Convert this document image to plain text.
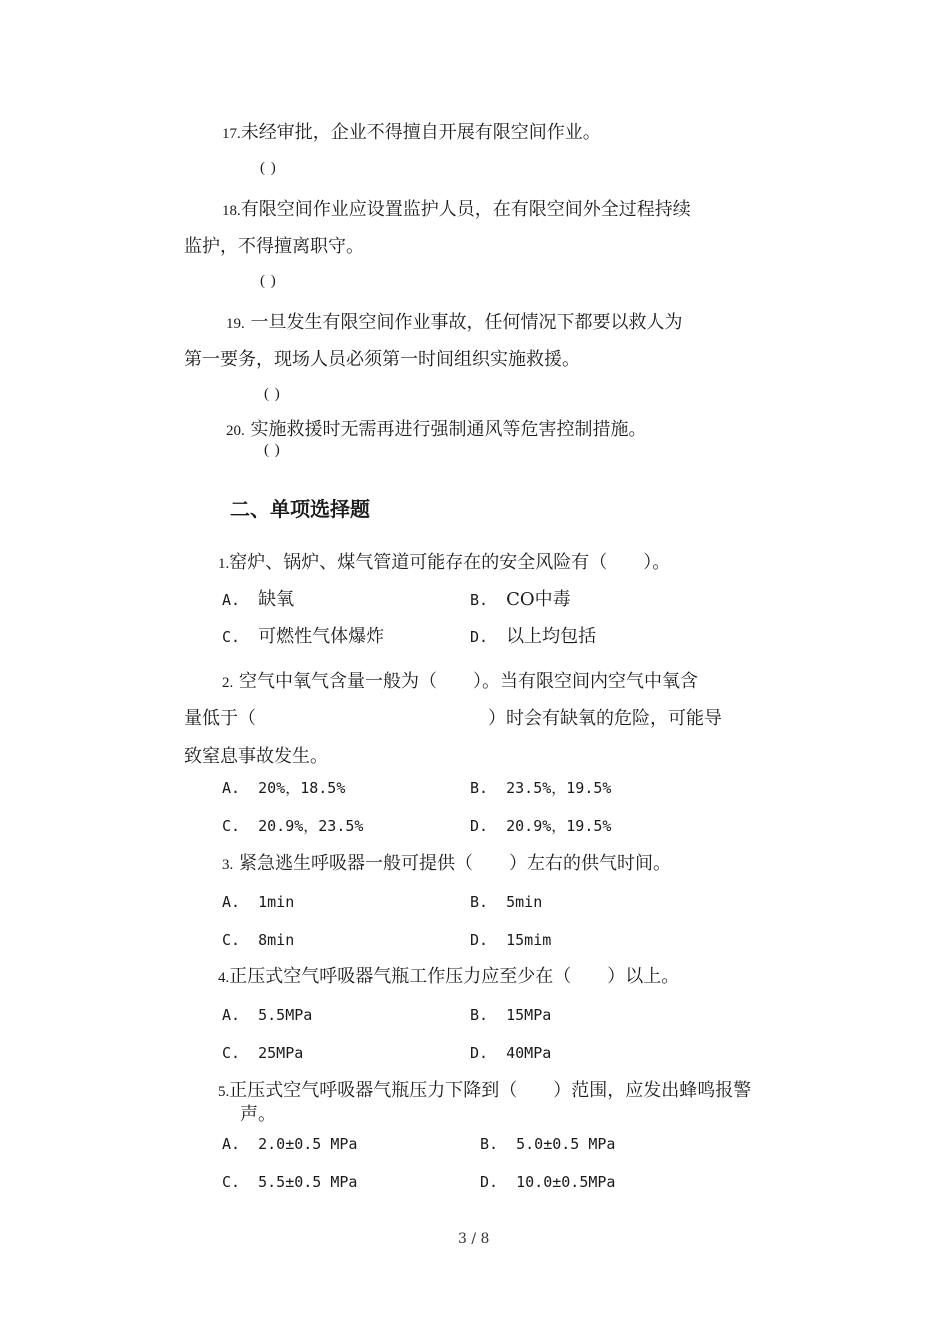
17.未经审批，企业不得擅自开展有限空间作业。
( )
18.有限空间作业应设置监护人员，在有限空间外全过程持续
监护，不得擅离职守。
( )
19. 一旦发生有限空间作业事故，任何情况下都要以救人为
第一要务，现场人员必须第一时间组织实施救援。
( )
20. 实施救援时无需再进行强制通风等危害控制措施。
( )
二、单项选择题
1.窑炉、锅炉、煤气管道可能存在的安全风险有（　　）。
A. 缺氧	B. CO中毒
C. 可燃性气体爆炸	D. 以上均包括
2. 空气中氧气含量一般为（　　）。当有限空间内空气中氧含
量低于（	）时会有缺氧的危险，可能导
致窒息事故发生。
A. 20%，18.5%	B. 23.5%，19.5%
C. 20.9%，23.5%	D. 20.9%，19.5%
3. 紧急逃生呼吸器一般可提供（　　）左右的供气时间。
A. 1min	B. 5min
C. 8min	D. 15mim
4.正压式空气呼吸器气瓶工作压力应至少在（　　）以上。
A. 5.5MPa	B. 15MPa
C. 25MPa	D. 40MPa
5.正压式空气呼吸器气瓶压力下降到（　　）范围，应发出蜂鸣报警
声。
A. 2.0±0.5 MPa	B. 5.0±0.5 MPa
C. 5.5±0.5 MPa	D. 10.0±0.5MPa
3 / 8
